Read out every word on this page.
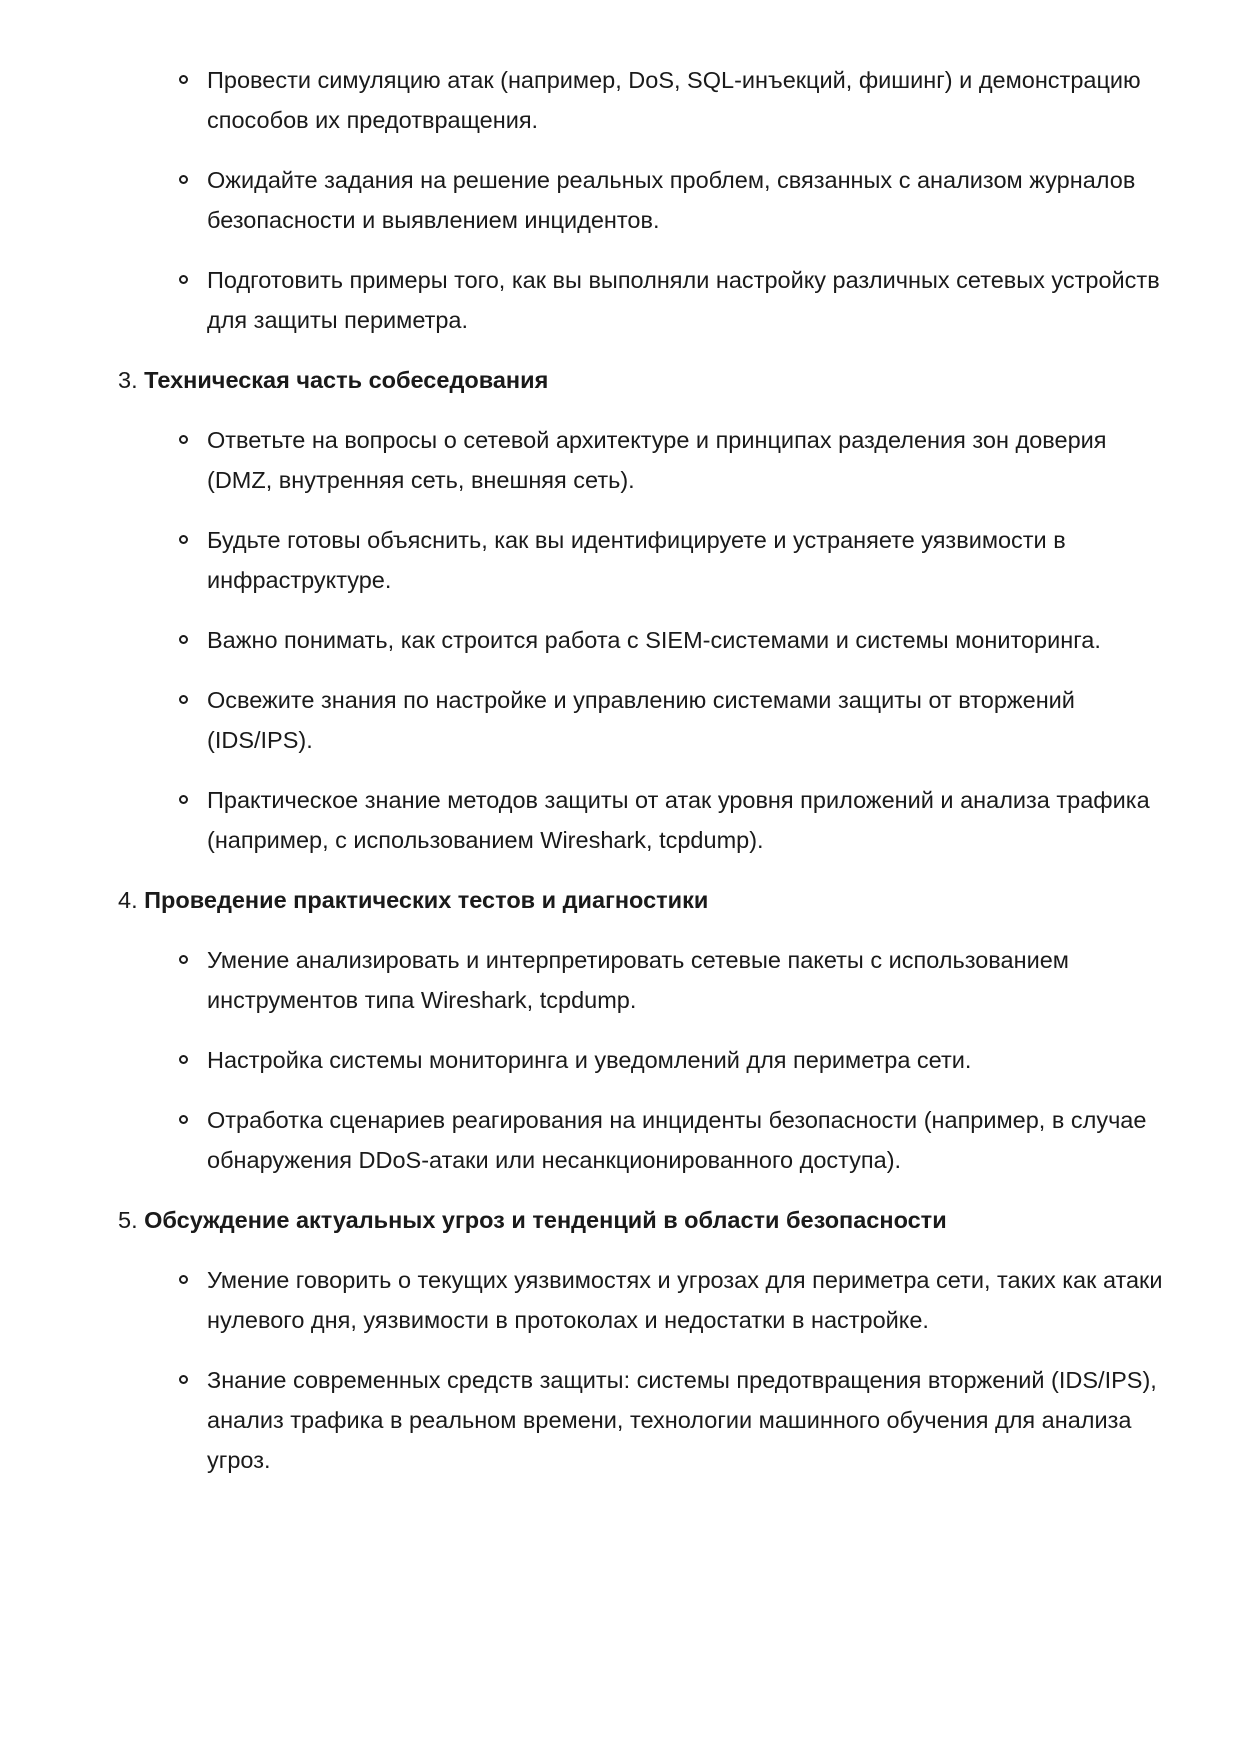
Провести симуляцию атак (например, DoS, SQL-инъекций, фишинг) и демонстрацию способов их предотвращения.
Ожидайте задания на решение реальных проблем, связанных с анализом журналов безопасности и выявлением инцидентов.
Подготовить примеры того, как вы выполняли настройку различных сетевых устройств для защиты периметра.
3. Техническая часть собеседования
Ответьте на вопросы о сетевой архитектуре и принципах разделения зон доверия (DMZ, внутренняя сеть, внешняя сеть).
Будьте готовы объяснить, как вы идентифицируете и устраняете уязвимости в инфраструктуре.
Важно понимать, как строится работа с SIEM-системами и системы мониторинга.
Освежите знания по настройке и управлению системами защиты от вторжений (IDS/IPS).
Практическое знание методов защиты от атак уровня приложений и анализа трафика (например, с использованием Wireshark, tcpdump).
4. Проведение практических тестов и диагностики
Умение анализировать и интерпретировать сетевые пакеты с использованием инструментов типа Wireshark, tcpdump.
Настройка системы мониторинга и уведомлений для периметра сети.
Отработка сценариев реагирования на инциденты безопасности (например, в случае обнаружения DDoS-атаки или несанкционированного доступа).
5. Обсуждение актуальных угроз и тенденций в области безопасности
Умение говорить о текущих уязвимостях и угрозах для периметра сети, таких как атаки нулевого дня, уязвимости в протоколах и недостатки в настройке.
Знание современных средств защиты: системы предотвращения вторжений (IDS/IPS), анализ трафика в реальном времени, технологии машинного обучения для анализа угроз.
